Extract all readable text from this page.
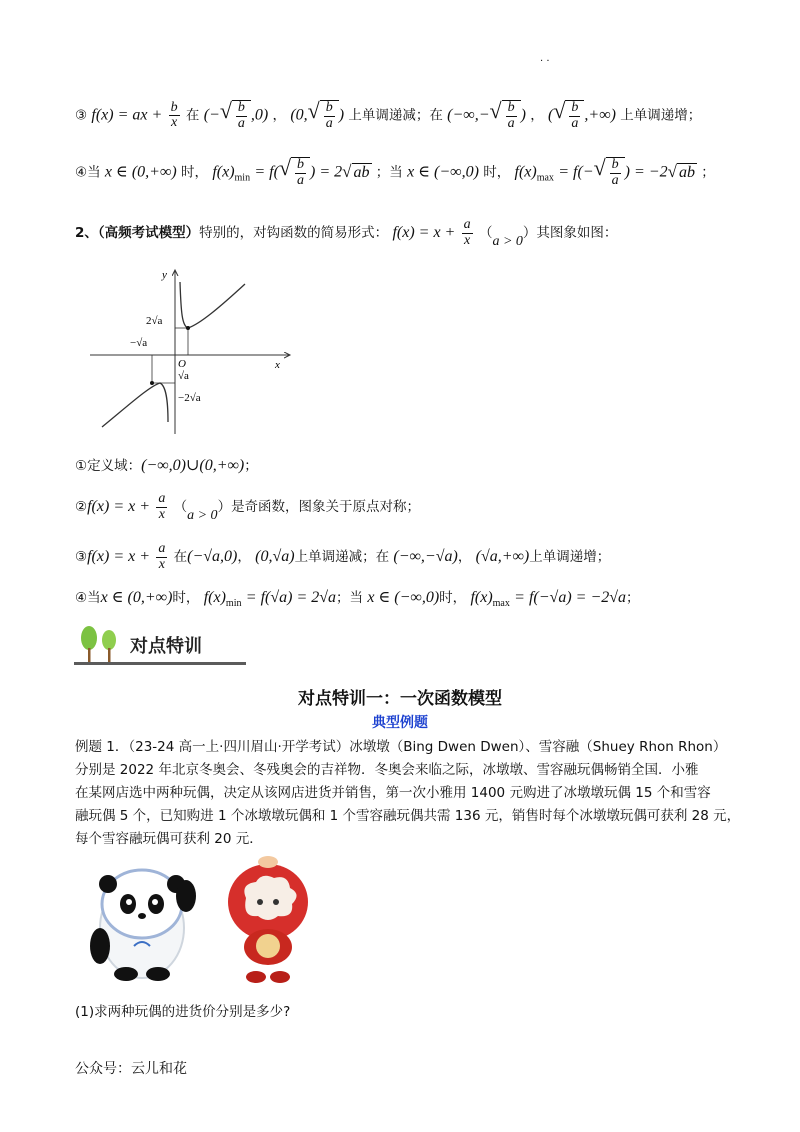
. .
③ f(x) = ax + $\frac{b}{x}$ 在 (− √ $\frac{b}{a} ,0$) ， (0, √ $\frac{b}{a}$ ) 上单调递减；在 (−∞,− √ $\frac{b}{a}$ ) ， ( √ $\frac{b}{a}$ ,+∞) 上单调递增；
④当 x ∈ (0,+∞) 时， $f(x)_{min} = f$( √ $\frac{b}{a}$ ) = 2 √ ab ；当 x ∈ (−∞,0) 时， $f(x)_{max} = f(-$ √ $\frac{b}{a}$ ) = −2 √ ab ；
2、（高频考试模型）特别的，对钩函数的简易形式： $f(x) = x + \frac{a}{x} (a > 0)$其图象如图：
y
x
O
2√a
−√a
√a
−2√a
①定义域：(−∞,0)∪(0,+∞)；
②f(x) = $x + \frac{a}{x} (a > 0)$是奇函数，图象关于原点对称；
③f(x) = $x + \frac{a}{x}$ 在(−√a,0)， (0,√a)上单调递减；在 (−∞,−√a)， (√a,+∞)上单调递增；
④当x ∈ (0,+∞)时， $f(x)_{min} = f(√a) = 2√a$；当 x ∈ (−∞,0)时， $f(x)_{max} = f(-√a) = -2√a$；
对点特训
对点特训一：一次函数模型
典型例题
例题 1．（23-24 高一上·四川眉山·开学考试）冰墩墩（Bing Dwen Dwen）、雪容融（Shuey Rhon Rhon）
分别是 2022 年北京冬奥会、冬残奥会的吉祥物．冬奥会来临之际，冰墩墩、雪容融玩偶畅销全国．小雅
在某网店选中两种玩偶，决定从该网店进货并销售，第一次小雅用 1400 元购进了冰墩墩玩偶 15 个和雪容
融玩偶 5 个，已知购进 1 个冰墩墩玩偶和 1 个雪容融玩偶共需 136 元，销售时每个冰墩墩玩偶可获利 28 元，
每个雪容融玩偶可获利 20 元．
(1)求两种玩偶的进货价分别是多少?
公众号：云儿和花
